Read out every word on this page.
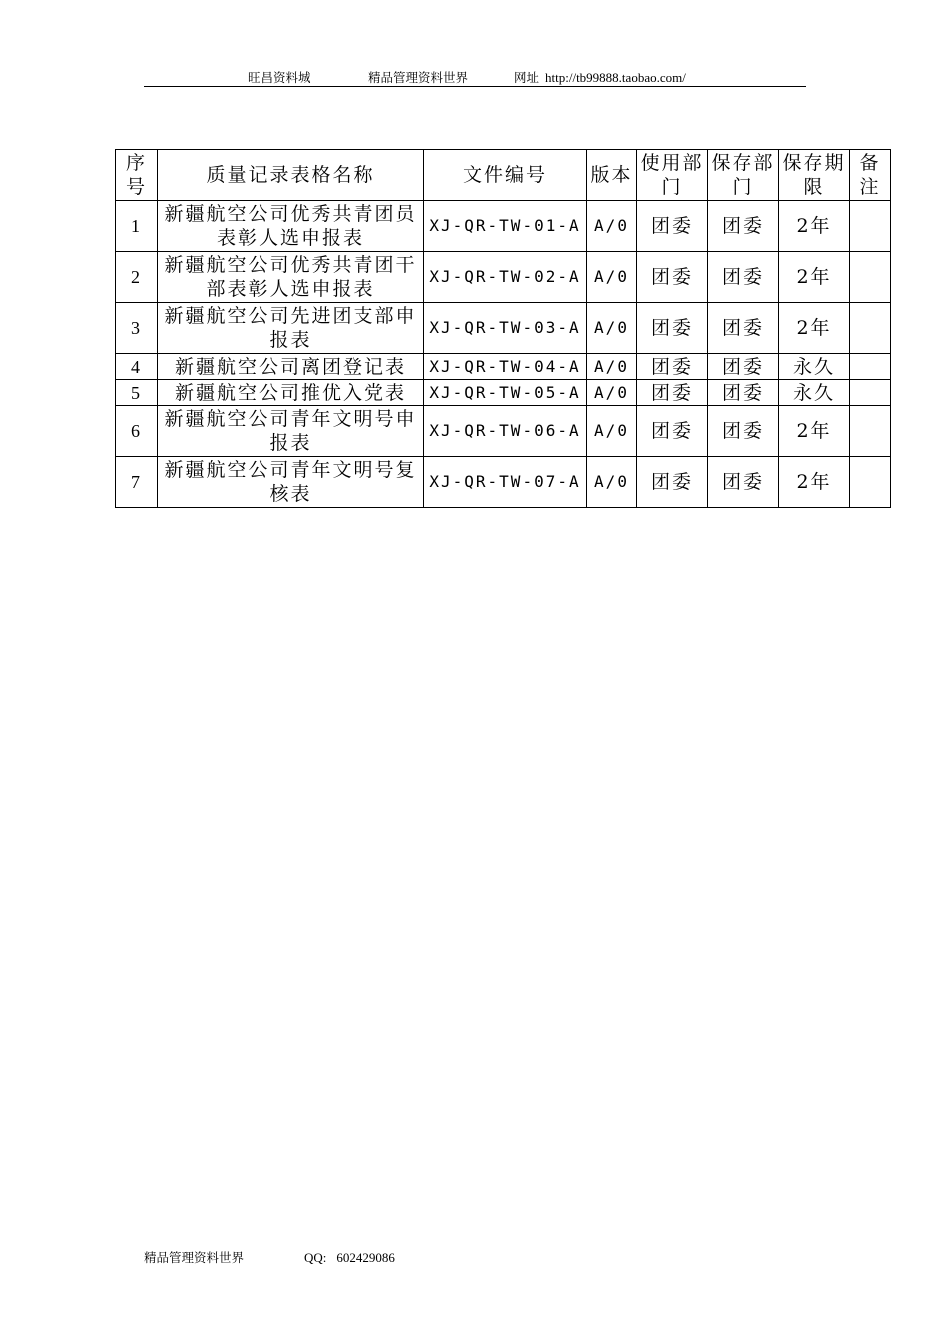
旺昌资料城	精品管理资料世界	网址 http://tb99888.taobao.com/
序号	质量记录表格名称	文件编号	版本	使用部门	保存部门	保存期限	备注
1	新疆航空公司优秀共青团员表彰人选申报表	XJ-QR-TW-01-A	A/0	团委	团委	2年	
2	新疆航空公司优秀共青团干部表彰人选申报表	XJ-QR-TW-02-A	A/0	团委	团委	2年	
3	新疆航空公司先进团支部申报表	XJ-QR-TW-03-A	A/0	团委	团委	2年	
4	新疆航空公司离团登记表	XJ-QR-TW-04-A	A/0	团委	团委	永久	
5	新疆航空公司推优入党表	XJ-QR-TW-05-A	A/0	团委	团委	永久	
6	新疆航空公司青年文明号申报表	XJ-QR-TW-06-A	A/0	团委	团委	2年	
7	新疆航空公司青年文明号复核表	XJ-QR-TW-07-A	A/0	团委	团委	2年	
精品管理资料世界	QQ: 602429086
